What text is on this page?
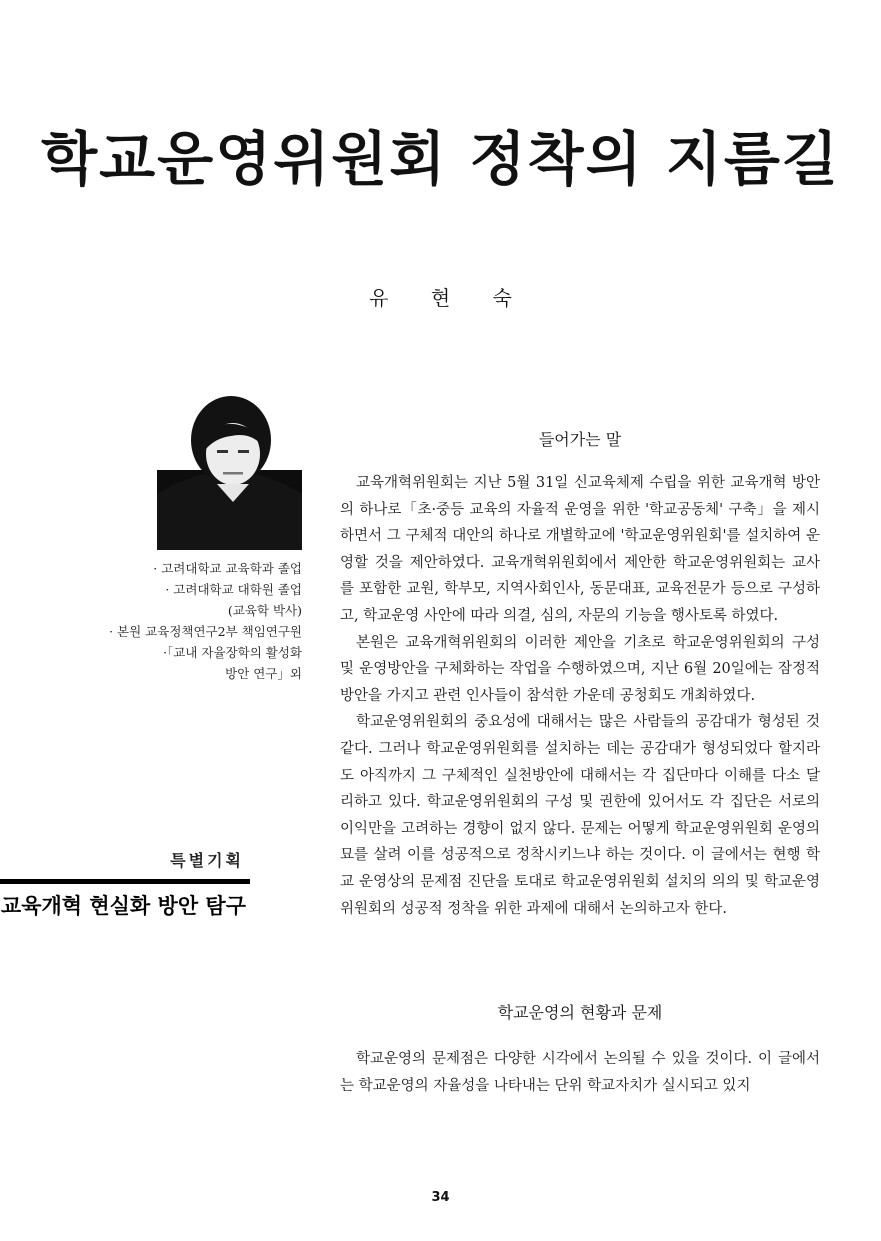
학교운영위원회 정착의 지름길
유 현 숙
· 고려대학교 교육학과 졸업
· 고려대학교 대학원 졸업
(교육학 박사)
· 본원 교육정책연구2부 책임연구원
·「교내 자율장학의 활성화
방안 연구」외
특별기획
교육개혁 현실화 방안 탐구
들어가는 말

교육개혁위원회는 지난 5월 31일 신교육체제 수립을 위한 교육개혁 방안의 하나로「초·중등 교육의 자율적 운영을 위한 '학교공동체' 구축」을 제시하면서 그 구체적 대안의 하나로 개별학교에 '학교운영위원회'를 설치하여 운영할 것을 제안하였다. 교육개혁위원회에서 제안한 학교운영위원회는 교사를 포함한 교원, 학부모, 지역사회인사, 동문대표, 교육전문가 등으로 구성하고, 학교운영 사안에 따라 의결, 심의, 자문의 기능을 행사토록 하였다.

본원은 교육개혁위원회의 이러한 제안을 기초로 학교운영위원회의 구성 및 운영방안을 구체화하는 작업을 수행하였으며, 지난 6월 20일에는 잠정적 방안을 가지고 관련 인사들이 참석한 가운데 공청회도 개최하였다.

학교운영위원회의 중요성에 대해서는 많은 사람들의 공감대가 형성된 것 같다. 그러나 학교운영위원회를 설치하는 데는 공감대가 형성되었다 할지라도 아직까지 그 구체적인 실천방안에 대해서는 각 집단마다 이해를 다소 달리하고 있다. 학교운영위원회의 구성 및 권한에 있어서도 각 집단은 서로의 이익만을 고려하는 경향이 없지 않다. 문제는 어떻게 학교운영위원회 운영의 묘를 살려 이를 성공적으로 정착시키느냐 하는 것이다. 이 글에서는 현행 학교 운영상의 문제점 진단을 토대로 학교운영위원회 설치의 의의 및 학교운영위원회의 성공적 정착을 위한 과제에 대해서 논의하고자 한다.

학교운영의 현황과 문제

학교운영의 문제점은 다양한 시각에서 논의될 수 있을 것이다. 이 글에서는 학교운영의 자율성을 나타내는 단위 학교자치가 실시되고 있지

34
